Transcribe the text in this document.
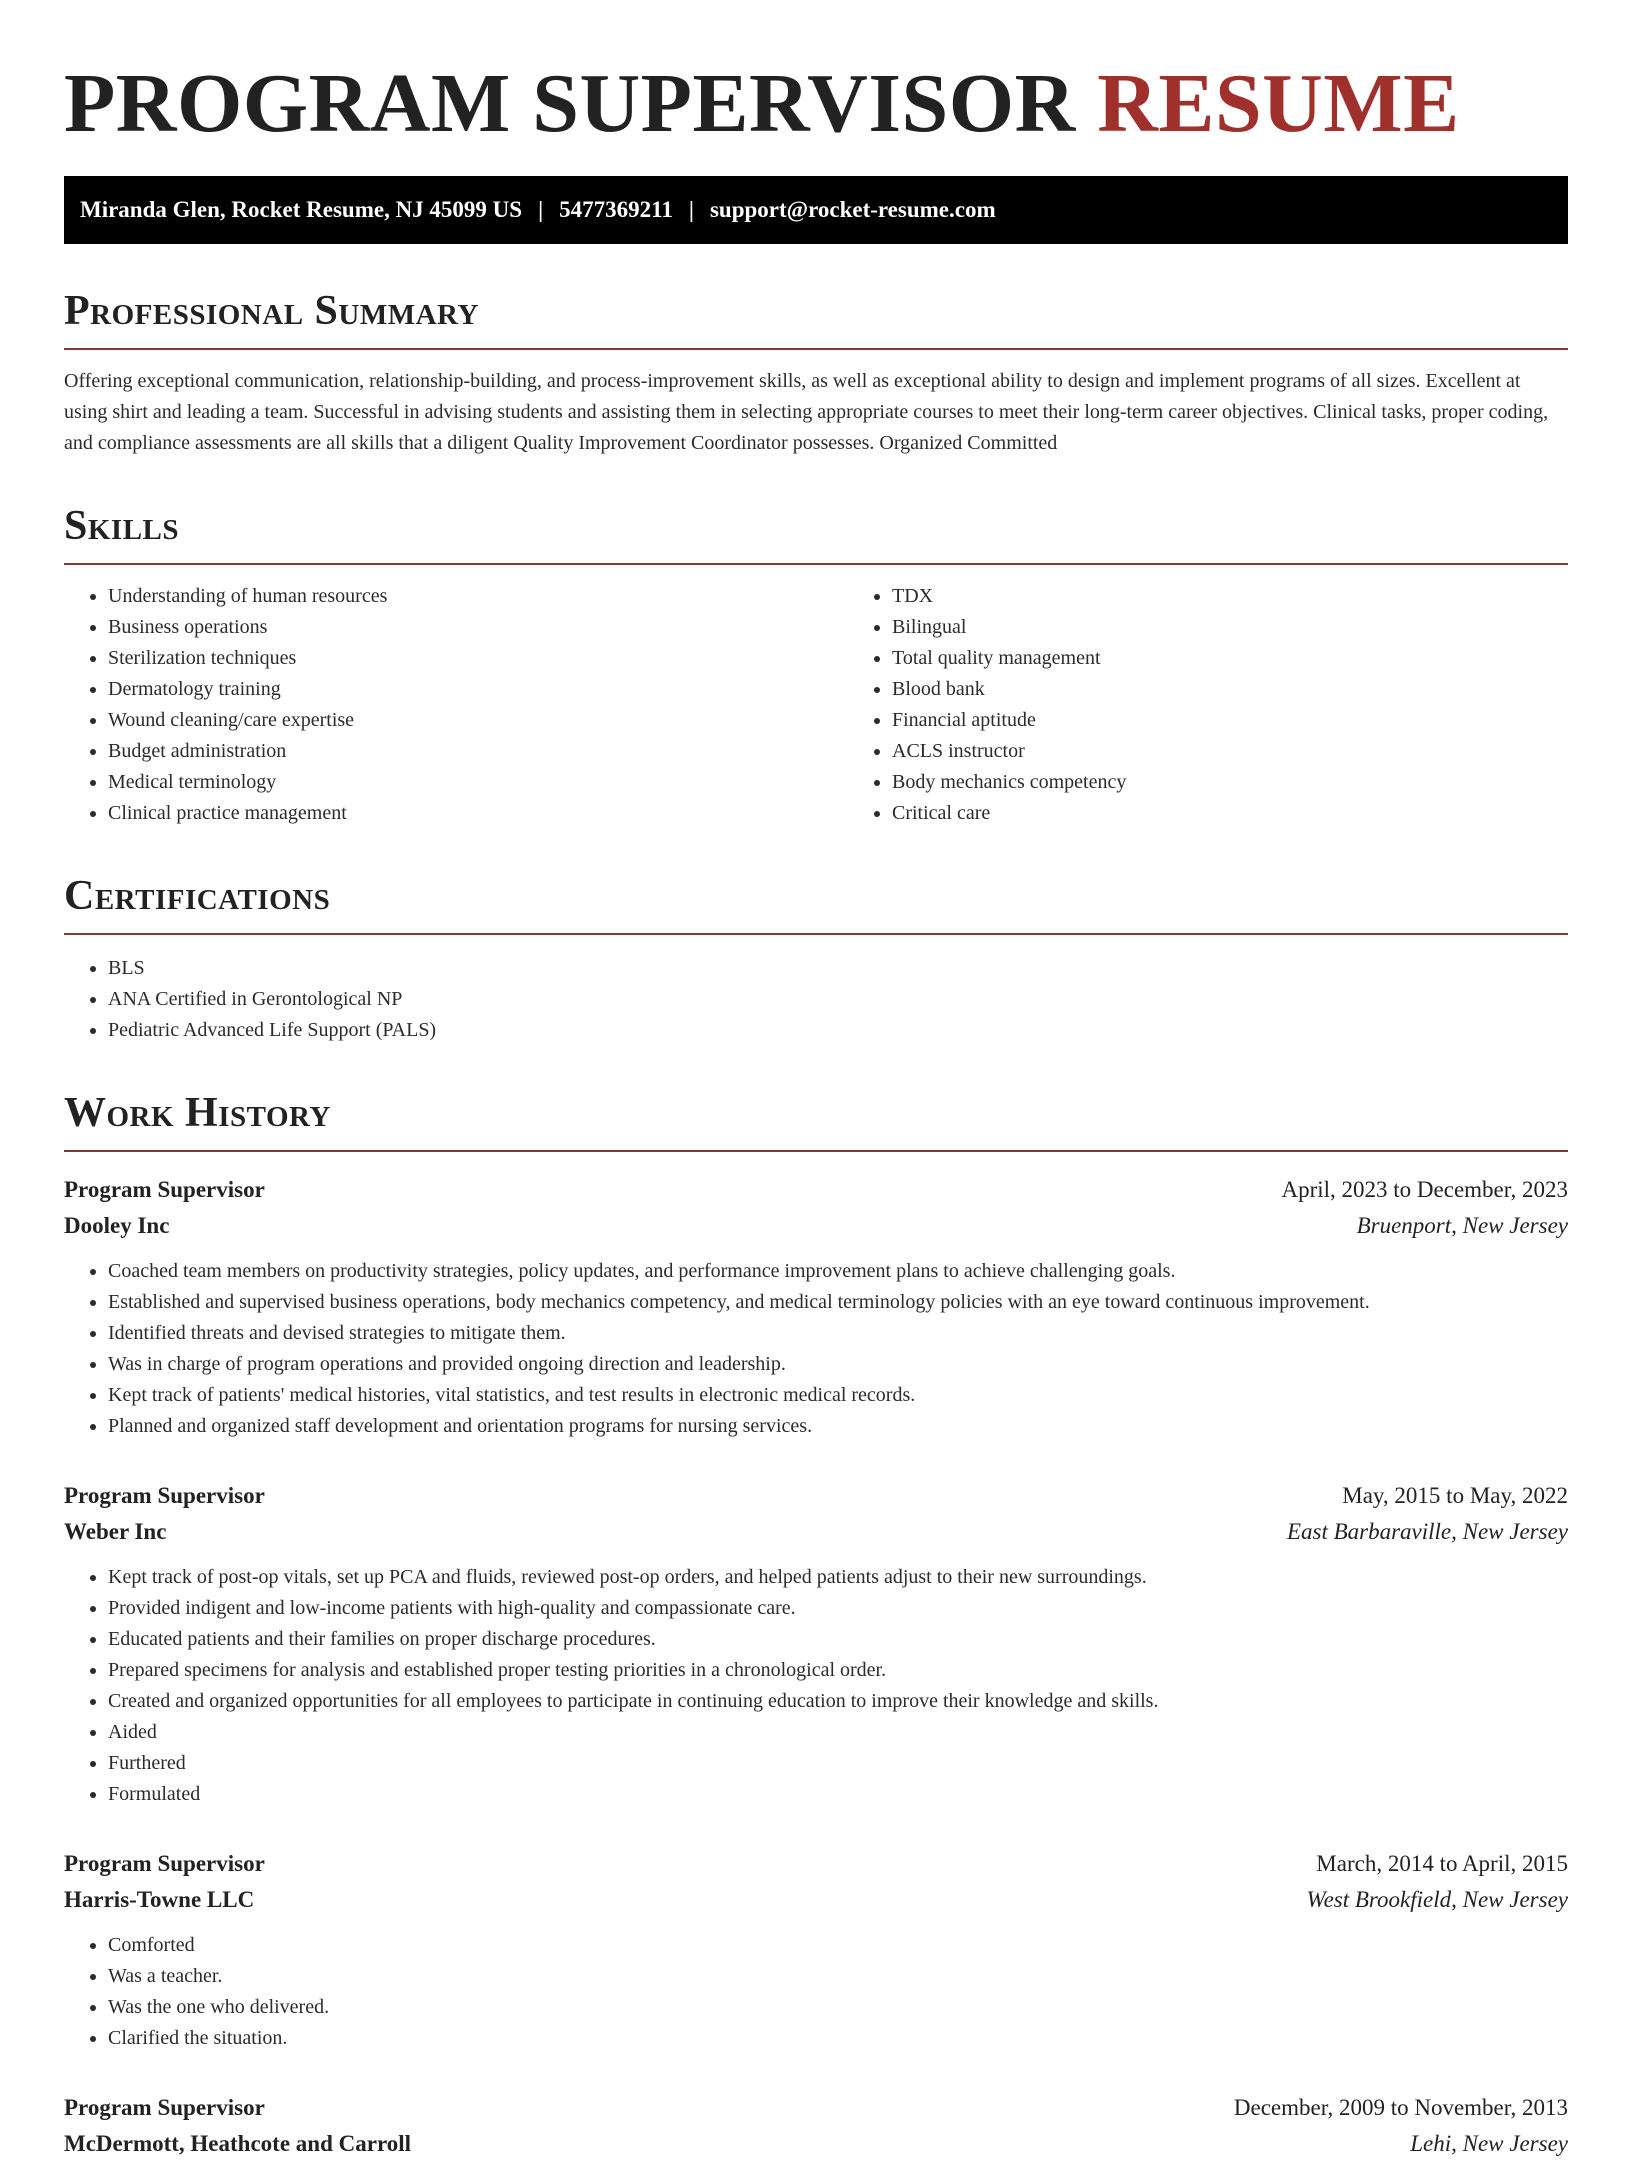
PROGRAM SUPERVISOR RESUME
Miranda Glen, Rocket Resume, NJ 45099 US | 5477369211 | support@rocket-resume.com
Professional Summary

Offering exceptional communication, relationship-building, and process-improvement skills, as well as exceptional ability to design and implement programs of all sizes. Excellent at using shirt and leading a team. Successful in advising students and assisting them in selecting appropriate courses to meet their long-term career objectives. Clinical tasks, proper coding, and compliance assessments are all skills that a diligent Quality Improvement Coordinator possesses. Organized Committed

Skills
• Understanding of human resources
• Business operations
• Sterilization techniques
• Dermatology training
• Wound cleaning/care expertise
• Budget administration
• Medical terminology
• Clinical practice management
• TDX
• Bilingual
• Total quality management
• Blood bank
• Financial aptitude
• ACLS instructor
• Body mechanics competency
• Critical care
Certifications
• BLS
• ANA Certified in Gerontological NP
• Pediatric Advanced Life Support (PALS)
Work History
Program Supervisor	April, 2023 to December, 2023
Dooley Inc	Bruenport, New Jersey
• Coached team members on productivity strategies, policy updates, and performance improvement plans to achieve challenging goals.
• Established and supervised business operations, body mechanics competency, and medical terminology policies with an eye toward continuous improvement.
• Identified threats and devised strategies to mitigate them.
• Was in charge of program operations and provided ongoing direction and leadership.
• Kept track of patients' medical histories, vital statistics, and test results in electronic medical records.
• Planned and organized staff development and orientation programs for nursing services.
Program Supervisor	May, 2015 to May, 2022
Weber Inc	East Barbaraville, New Jersey
• Kept track of post-op vitals, set up PCA and fluids, reviewed post-op orders, and helped patients adjust to their new surroundings.
• Provided indigent and low-income patients with high-quality and compassionate care.
• Educated patients and their families on proper discharge procedures.
• Prepared specimens for analysis and established proper testing priorities in a chronological order.
• Created and organized opportunities for all employees to participate in continuing education to improve their knowledge and skills.
• Aided
• Furthered
• Formulated
Program Supervisor	March, 2014 to April, 2015
Harris-Towne LLC	West Brookfield, New Jersey
• Comforted
• Was a teacher.
• Was the one who delivered.
• Clarified the situation.
Program Supervisor	December, 2009 to November, 2013
McDermott, Heathcote and Carroll	Lehi, New Jersey
